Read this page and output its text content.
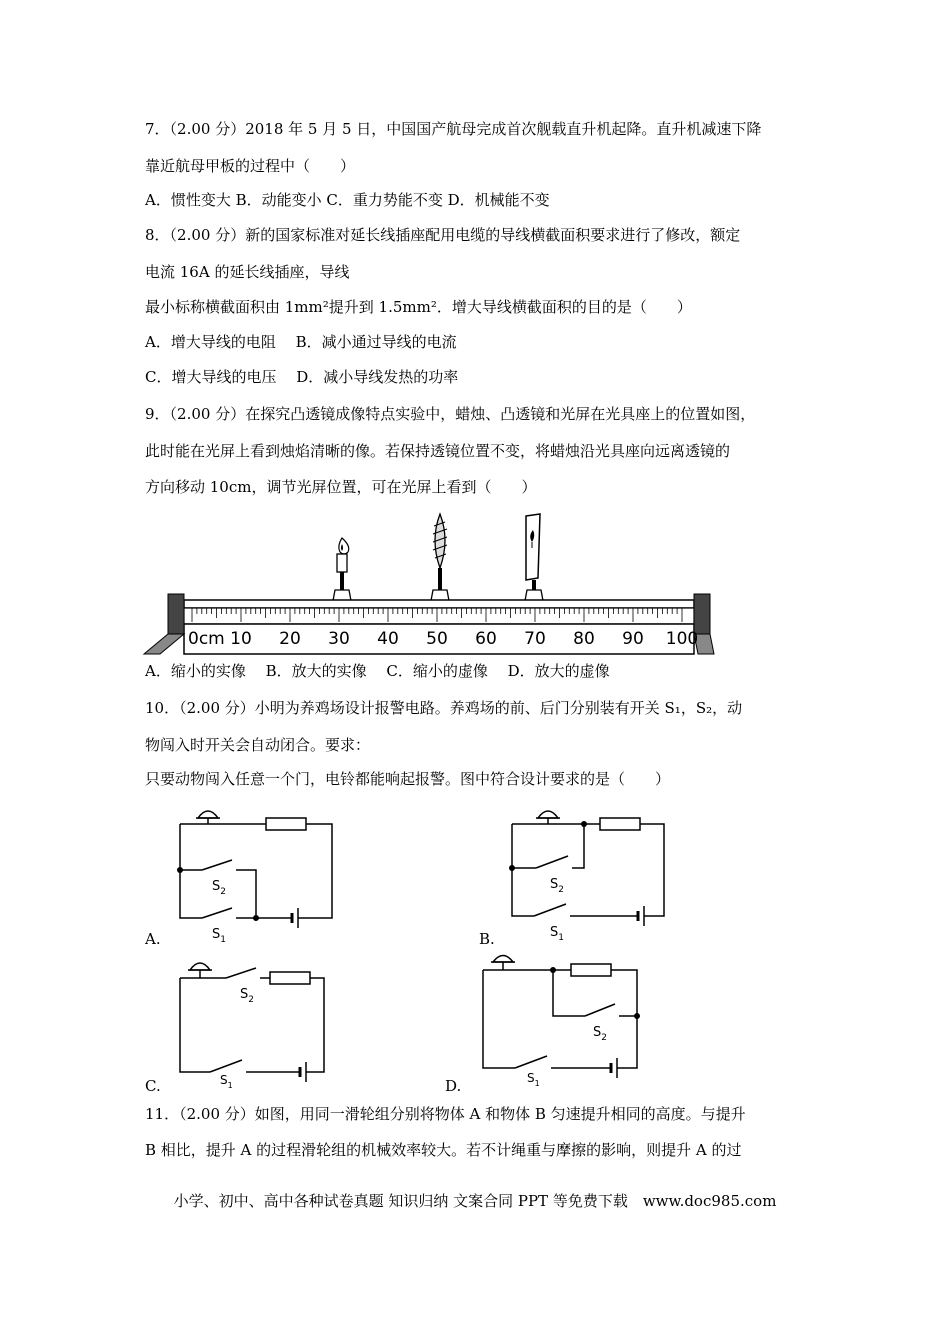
7．（2.00 分）2018 年 5 月 5 日，中国国产航母完成首次舰载直升机起降。直升机减速下降
靠近航母甲板的过程中（　　）
A．惯性变大 B．动能变小 C．重力势能不变 D．机械能不变
8．（2.00 分）新的国家标准对延长线插座配用电缆的导线横截面积要求进行了修改，额定
电流 16A 的延长线插座，导线
最小标称横截面积由 1mm²提升到 1.5mm²．增大导线横截面积的目的是（　　）
A．增大导线的电阻　 B．减小通过导线的电流
C．增大导线的电压　 D．减小导线发热的功率
9．（2.00 分）在探究凸透镜成像特点实验中，蜡烛、凸透镜和光屏在光具座上的位置如图，
此时能在光屏上看到烛焰清晰的像。若保持透镜位置不变，将蜡烛沿光具座向远离透镜的
方向移动 10cm，调节光屏位置，可在光屏上看到（　　）
0cm 10 20 30 40 50 60 70 80 90 100
A．缩小的实像　 B．放大的实像　 C．缩小的虚像　 D．放大的虚像
10．（2.00 分）小明为养鸡场设计报警电路。养鸡场的前、后门分别装有开关 S₁，S₂，动
物闯入时开关会自动闭合。要求：
只要动物闯入任意一个门，电铃都能响起报警。图中符合设计要求的是（　　）
A.
$S_2$
$S_1$	B.
$S_2$
$S_1$
C.
$S_2$
$S_1$	D.
$S_2$
$S_1$
11．（2.00 分）如图，用同一滑轮组分别将物体 A 和物体 B 匀速提升相同的高度。与提升
B 相比，提升 A 的过程滑轮组的机械效率较大。若不计绳重与摩擦的影响，则提升 A 的过
小学、初中、高中各种试卷真题 知识归纳 文案合同 PPT 等免费下载　www.doc985.com
